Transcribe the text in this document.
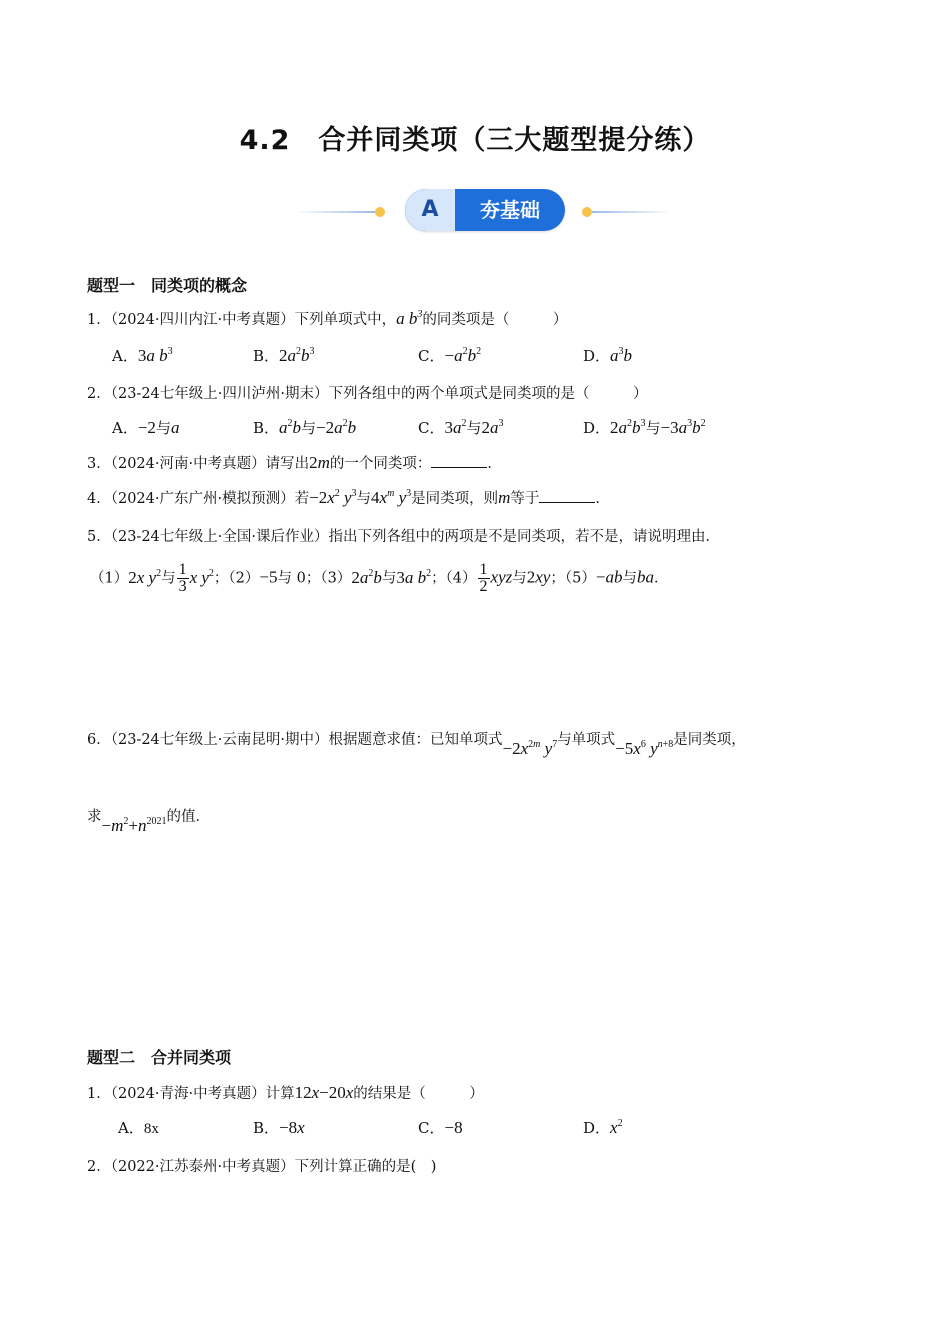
4.2　合并同类项（三大题型提分练）
A	夯基础
题型一　同类项的概念
1．（2024·四川内江·中考真题）下列单项式中，a $b^3$的同类项是（　　　）
A．3a $b^3$	B．$2a^2b^3$	C．$-a^2b^2$	D．$a^3b$
2．（23-24七年级上·四川泸州·期末）下列各组中的两个单项式是同类项的是（　　　）
A．−2与a	B．$a^2b$与$-2a^2b$	C．$3a^2$与$2a^3$	D．$2a^2b^3$与$-3a^3b^2$
3．（2024·河南·中考真题）请写出2m的一个同类项：	．
4．（2024·广东广州·模拟预测）若$-2x^2$ $y^3$与$4x^m$ $y^3$是同类项，则m等于	．
5．（23-24七年级上·全国·课后作业）指出下列各组中的两项是不是同类项，若不是，请说明理由．
（1）2x $y^2$与 $\frac{1}{3}$ x $y^2$；（2）−5与 0；$(3)2a^2b$与3a $b^2$；$(4) \frac{1}{2}$ xyz与2xy；（5）−ab与ba．
6．（23-24七年级上·云南昆明·期中）根据题意求值：已知单项式$-2x^{2m}$ $y^7$与单项式$-5x^6$ $y^{n+8}$是同类项，
求$-m^2+n^{2021}$的值．
题型二　合并同类项
1．（2024·青海·中考真题）计算12x−20x的结果是（　　　）
A．8x	B．−8x	C．−8	D．$x^2$
2．（2022·江苏泰州·中考真题）下列计算正确的是(　)
